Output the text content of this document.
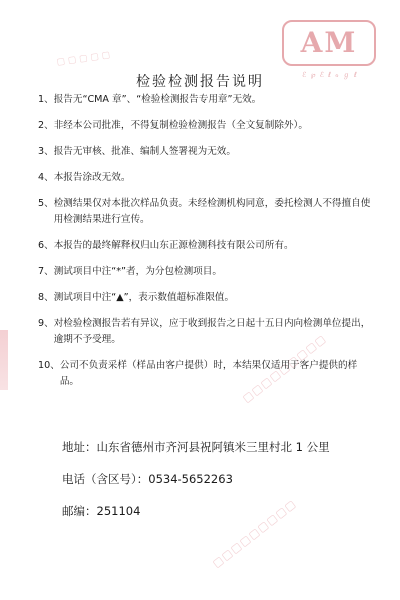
AM
ℰ ℘ ℰ ℓ ℴ ℊ ℓ
▢ ▢ ▢ ▢ ▢
▢▢▢▢▢▢▢▢▢
▢▢▢▢▢▢▢▢▢
检验检测报告说明
1、 报告无“CMA 章”、“检验检测报告专用章”无效。
2、 非经本公司批准，不得复制检验检测报告（全文复制除外）。
3、 报告无审核、批准、编制人签署视为无效。
4、 本报告涂改无效。
5、 检测结果仅对本批次样品负责。未经检测机构同意，委托检测人不得擅自使用检测结果进行宣传。
6、 本报告的最终解释权归山东正源检测科技有限公司所有。
7、 测试项目中注“*”者，为分包检测项目。
8、 测试项目中注“▲”，表示数值超标准限值。
9、 对检验检测报告若有异议，应于收到报告之日起十五日内向检测单位提出，逾期不予受理。
10、 公司不负责采样（样品由客户提供）时，本结果仅适用于客户提供的样品。
地址：山东省德州市齐河县祝阿镇米三里村北 1 公里
电话（含区号）：0534-5652263
邮编：251104
